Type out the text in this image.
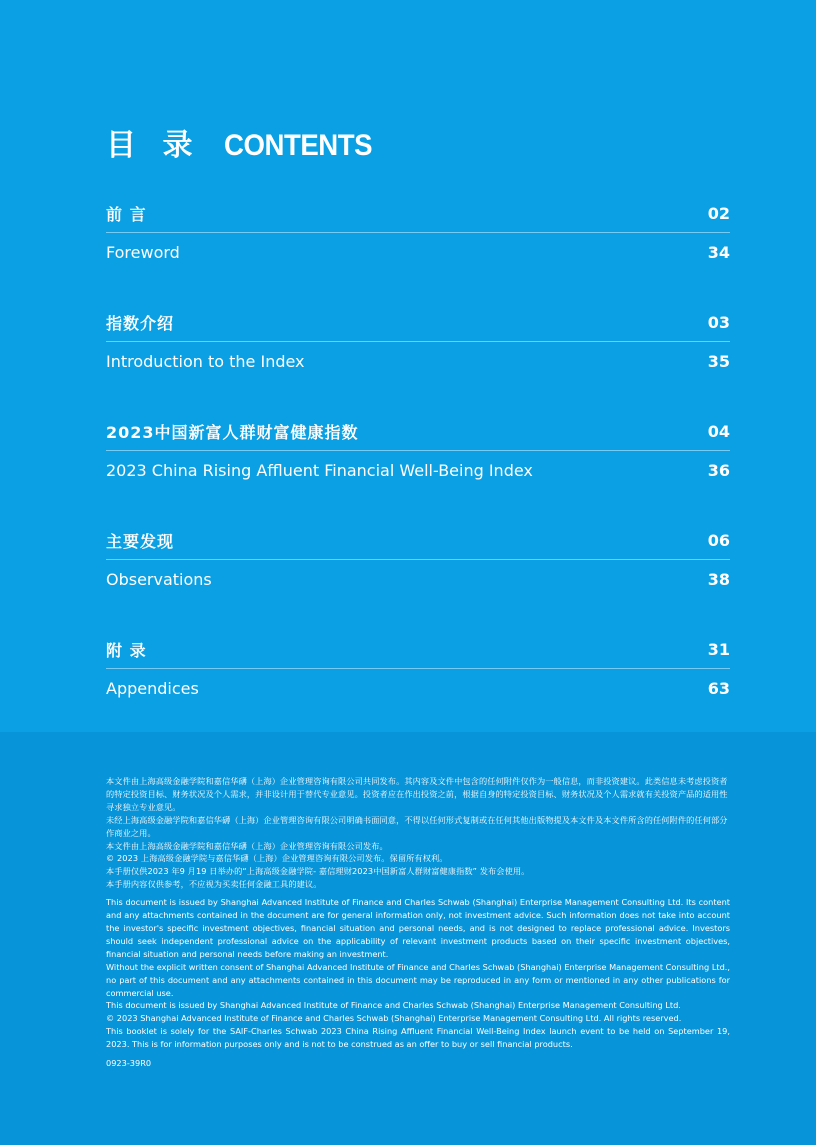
目 录 CONTENTS
前 言	02
Foreword	34
指数介绍	03
Introduction to the Index	35
2023中国新富人群财富健康指数	04
2023 China Rising Affluent Financial Well-Being Index	36
主要发现	06
Observations	38
附 录	31
Appendices	63

本文件由上海高级金融学院和嘉信华礴（上海）企业管理咨询有限公司共同发布。其内容及文件中包含的任何附件仅作为一般信息，而非投资建议。此类信息未考虑投资者的特定投资目标、财务状况及个人需求，并非设计用于替代专业意见。投资者应在作出投资之前，根据自身的特定投资目标、财务状况及个人需求就有关投资产品的适用性寻求独立专业意见。

未经上海高级金融学院和嘉信华礴（上海）企业管理咨询有限公司明确书面同意，不得以任何形式复制或在任何其他出版物提及本文件及本文件所含的任何附件的任何部分作商业之用。

本文件由上海高级金融学院和嘉信华礴（上海）企业管理咨询有限公司发布。

© 2023 上海高级金融学院与嘉信华礴（上海）企业管理咨询有限公司发布。保留所有权利。

本手册仅供2023 年9 月19 日举办的“上海高级金融学院- 嘉信理财2023中国新富人群财富健康指数” 发布会使用。

本手册内容仅供参考，不应视为买卖任何金融工具的建议。

This document is issued by Shanghai Advanced Institute of Finance and Charles Schwab (Shanghai) Enterprise Management Consulting Ltd. Its content and any attachments contained in the document are for general information only, not investment advice. Such information does not take into account the investor's specific investment objectives, financial situation and personal needs, and is not designed to replace professional advice. Investors should seek independent professional advice on the applicability of relevant investment products based on their specific investment objectives, financial situation and personal needs before making an investment.

Without the explicit written consent of Shanghai Advanced Institute of Finance and Charles Schwab (Shanghai) Enterprise Management Consulting Ltd., no part of this document and any attachments contained in this document may be reproduced in any form or mentioned in any other publications for commercial use.

This document is issued by Shanghai Advanced Institute of Finance and Charles Schwab (Shanghai) Enterprise Management Consulting Ltd.

© 2023 Shanghai Advanced Institute of Finance and Charles Schwab (Shanghai) Enterprise Management Consulting Ltd. All rights reserved.

This booklet is solely for the SAIF-Charles Schwab 2023 China Rising Affluent Financial Well-Being Index launch event to be held on September 19, 2023. This is for information purposes only and is not to be construed as an offer to buy or sell financial products.

0923-39R0
